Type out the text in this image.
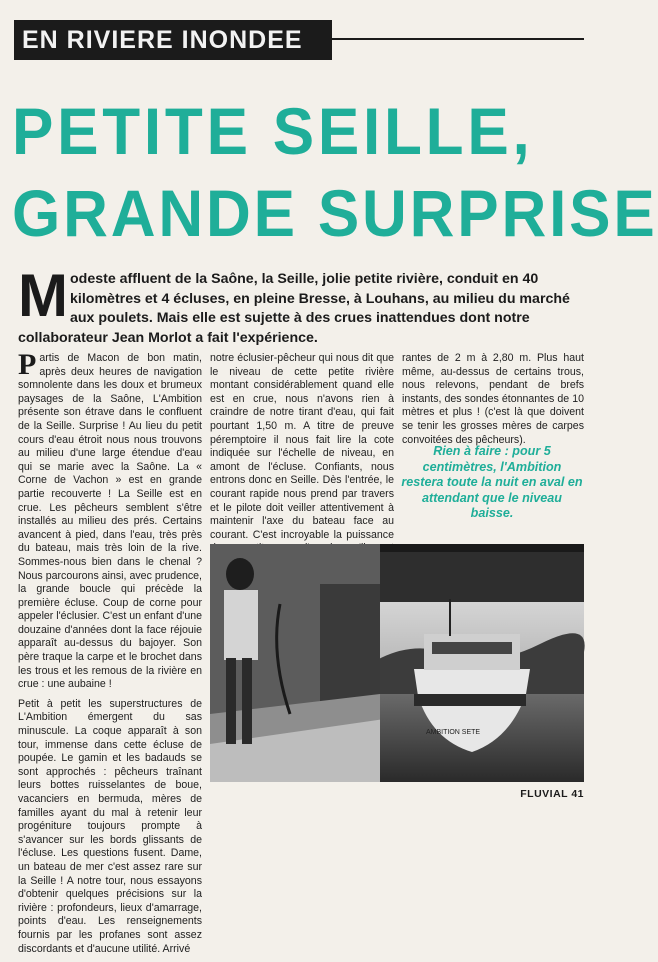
EN RIVIERE INONDEE
PETITE SEILLE,
GRANDE SURPRISE
M odeste affluent de la Saône, la Seille, jolie petite rivière, conduit en 40 kilomètres et 4 écluses, en pleine Bresse, à Louhans, au milieu du marché aux poulets. Mais elle est sujette à des crues inattendues dont notre collaborateur Jean Morlot a fait l'expérience.

Partis de Macon de bon matin, après deux heures de navigation somnolente dans les doux et brumeux paysages de la Saône, L'Ambition présente son étrave dans le confluent de la Seille. Surprise ! Au lieu du petit cours d'eau étroit nous nous trouvons au milieu d'une large étendue d'eau qui se marie avec la Saône. La « Corne de Vachon » est en grande partie recouverte ! La Seille est en crue. Les pêcheurs semblent s'être installés au milieu des prés. Certains avancent à pied, dans l'eau, très près du bateau, mais très loin de la rive. Sommes-nous bien dans le chenal ? Nous parcourons ainsi, avec prudence, la grande boucle qui précède la première écluse. Coup de corne pour appeler l'éclusier. C'est un enfant d'une douzaine d'années dont la face réjouie apparaît au-dessus du bajoyer. Son père traque la carpe et le brochet dans les trous et les remous de la rivière en crue : une aubaine !

Petit à petit les superstructures de L'Ambition émergent du sas minuscule. La coque apparaît à son tour, immense dans cette écluse de poupée. Le gamin et les badauds se sont approchés : pêcheurs traînant leurs bottes ruisselantes de boue, vacanciers en bermuda, mères de familles ayant du mal à retenir leur progéniture toujours prompte à s'avancer sur les bords glissants de l'écluse. Les questions fusent. Dame, un bateau de mer c'est assez rare sur la Seille ! A notre tour, nous essayons d'obtenir quelques précisions sur la rivière : profondeurs, lieux d'amarrage, points d'eau. Les renseignements fournis par les profanes sont assez discordants et d'aucune utilité. Arrivé

notre éclusier-pêcheur qui nous dit que le niveau de cette petite rivière montant considérablement quand elle est en crue, nous n'avons rien à craindre de notre tirant d'eau, qui fait pourtant 1,50 m. A titre de preuve péremptoire il nous fait lire la cote indiquée sur l'échelle de niveau, en amont de l'écluse. Confiants, nous entrons donc en Seille. Dès l'entrée, le courant rapide nous prend par travers et le pilote doit veiller attentivement à maintenir l'axe du bateau face au courant. C'est incroyable la puissance

rantes de 2 m à 2,80 m. Plus haut même, au-dessus de certains trous, nous relevons, pendant de brefs instants, des sondes étonnantes de 10 mètres et plus ! (c'est là que doivent se tenir les grosses mères de carpes convoitées des pêcheurs).

Rien à faire : pour 5 centimètres, l'Ambition restera toute la nuit en aval en attendant que le niveau baisse.

AMBITION SETE
FLUVIAL 41
